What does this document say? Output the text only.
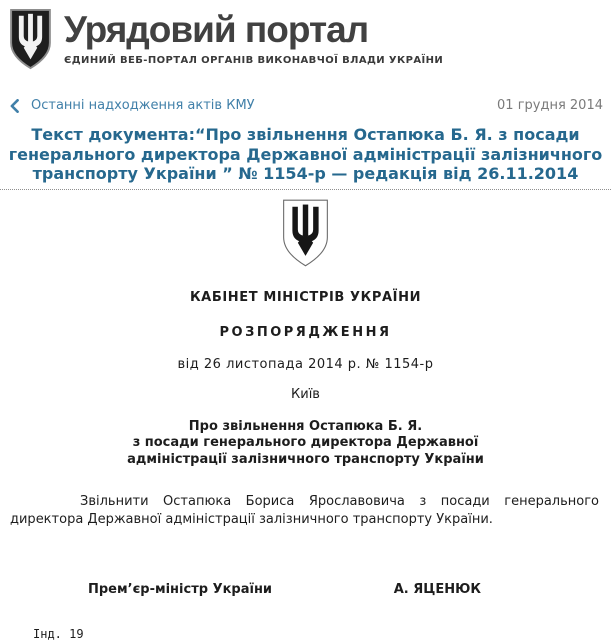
Урядовий портал
ЄДИНИЙ ВЕБ-ПОРТАЛ ОРГАНІВ ВИКОНАВЧОЇ ВЛАДИ УКРАЇНИ
Останні надходження актів КМУ	01 грудня 2014
Текст документа:“Про звільнення Остапюка Б. Я. з посади генерального директора Державної адміністрації залізничного транспорту України ” № 1154-р — редакція від 26.11.2014
КАБІНЕТ МІНІСТРІВ УКРАЇНИ
РОЗПОРЯДЖЕННЯ
від 26 листопада 2014 р. № 1154-р
Київ
Про звільнення Остапюка Б. Я.
з посади генерального директора Державної
адміністрації залізничного транспорту України

Звільнити Остапюка Бориса Ярославовича з посади генерального директора Державної адміністрації залізничного транспорту України.

Прем’єр-міністр України	А. ЯЦЕНЮК
Інд. 19
